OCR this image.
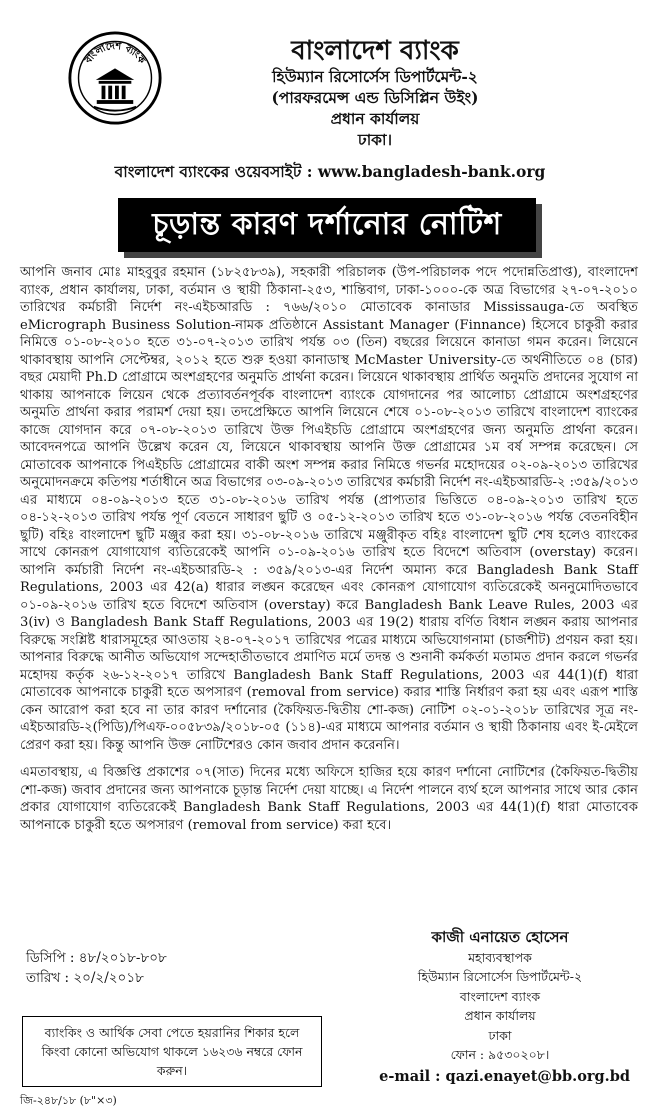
বাংলাদেশ ব্যাংক	বাংলাদেশ ব্যাংক
হিউম্যান রিসোর্সেস ডিপার্টমেন্ট-২
(পারফরমেন্স এন্ড ডিসিপ্লিন উইং)
প্রধান কার্যালয়
ঢাকা।
বাংলাদেশ ব্যাংকের ওয়েবসাইট : www.bangladesh-bank.org
চূড়ান্ত কারণ দর্শানোর নোটিশ

আপনি জনাব মোঃ মাহবুবুর রহমান (১৮২৫৮৩৯), সহকারী পরিচালক (উপ-পরিচালক পদে পদোন্নতিপ্রাপ্ত), বাংলাদেশ ব্যাংক, প্রধান কার্যালয়, ঢাকা, বর্তমান ও স্থায়ী ঠিকানা-২৫৩, শান্তিবাগ, ঢাকা-১০০০-কে অত্র বিভাগের ২৭-০৭-২০১০ তারিখের কর্মচারী নির্দেশ নং-এইচআরডি : ৭৬৬/২০১০ মোতাবেক কানাডার Mississauga-তে অবস্থিত eMicrograph Business Solution-নামক প্রতিষ্ঠানে Assistant Manager (Finnance) হিসেবে চাকুরী করার নিমিত্তে ০১-০৮-২০১০ হতে ৩১-০৭-২০১৩ তারিখ পর্যন্ত ০৩ (তিন) বছরের লিয়েনে কানাডা গমন করেন। লিয়েনে থাকাবস্থায় আপনি সেপ্টেম্বর, ২০১২ হতে শুরু হওয়া কানাডাস্থ McMaster University-তে অর্থনীতিতে ০৪ (চার) বছর মেয়াদী Ph.D প্রোগ্রামে অংশগ্রহণের অনুমতি প্রার্থনা করেন। লিয়েনে থাকাবস্থায় প্রার্থিত অনুমতি প্রদানের সুযোগ না থাকায় আপনাকে লিয়েন থেকে প্রত্যাবর্তনপূর্বক বাংলাদেশ ব্যাংকে যোগদানের পর আলোচ্য প্রোগ্রামে অংশগ্রহণের অনুমতি প্রার্থনা করার পরামর্শ দেয়া হয়। তদপ্রেক্ষিতে আপনি লিয়েনে শেষে ০১-০৮-২০১৩ তারিখে বাংলাদেশ ব্যাংকের কাজে যোগদান করে ০৭-০৮-২০১৩ তারিখে উক্ত পিএইচডি প্রোগ্রামে অংশগ্রহণের জন্য অনুমতি প্রার্থনা করেন। আবেদনপত্রে আপনি উল্লেখ করেন যে, লিয়েনে থাকাবস্থায় আপনি উক্ত প্রোগ্রামের ১ম বর্ষ সম্পন্ন করেছেন। সে মোতাবেক আপনাকে পিএইচডি প্রোগ্রামের বাকী অংশ সম্পন্ন করার নিমিত্তে গভর্নর মহোদয়ের ০২-০৯-২০১৩ তারিখের অনুমোদনক্রমে কতিপয় শর্তাধীনে অত্র বিভাগের ০৩-০৯-২০১৩ তারিখের কর্মচারী নির্দেশ নং-এইচআরডি-২ :৩৫৯/২০১৩ এর মাধ্যমে ০৪-০৯-২০১৩ হতে ৩১-০৮-২০১৬ তারিখ পর্যন্ত (প্রাপ্যতার ভিত্তিতে ০৪-০৯-২০১৩ তারিখ হতে ০৪-১২-২০১৩ তারিখ পর্যন্ত পূর্ণ বেতনে সাধারণ ছুটি ও ০৫-১২-২০১৩ তারিখ হতে ৩১-০৮-২০১৬ পর্যন্ত বেতনবিহীন ছুটি) বহিঃ বাংলাদেশ ছুটি মঞ্জুর করা হয়। ৩১-০৮-২০১৬ তারিখে মঞ্জুরীকৃত বহিঃ বাংলাদেশ ছুটি শেষ হলেও ব্যাংকের সাথে কোনরূপ যোগাযোগ ব্যতিরেকেই আপনি ০১-০৯-২০১৬ তারিখ হতে বিদেশে অতিবাস (overstay) করেন। আপনি কর্মচারী নির্দেশ নং-এইচআরডি-২ : ৩৫৯/২০১৩-এর নির্দেশ অমান্য করে Bangladesh Bank Staff Regulations, 2003 এর 42(a) ধারার লঙ্ঘন করেছেন এবং কোনরূপ যোগাযোগ ব্যতিরেকেই অননুমোদিতভাবে ০১-০৯-২০১৬ তারিখ হতে বিদেশে অতিবাস (overstay) করে Bangladesh Bank Leave Rules, 2003 এর 3(iv) ও Bangladesh Bank Staff Regulations, 2003 এর 19(2) ধারায় বর্ণিত বিধান লঙ্ঘন করায় আপনার বিরুদ্ধে সংশ্লিষ্ট ধারাসমূহের আওতায় ২৪-০৭-২০১৭ তারিখের পত্রের মাধ্যমে অভিযোগনামা (চার্জশীট) প্রণয়ন করা হয়। আপনার বিরুদ্ধে আনীত অভিযোগ সন্দেহাতীতভাবে প্রমাণিত মর্মে তদন্ত ও শুনানী কর্মকর্তা মতামত প্রদান করলে গভর্নর মহোদয় কর্তৃক ২৬-১২-২০১৭ তারিখে Bangladesh Bank Staff Regulations, 2003 এর 44(1)(f) ধারা মোতাবেক আপনাকে চাকুরী হতে অপসারণ (removal from service) করার শাস্তি নির্ধারণ করা হয় এবং এরূপ শাস্তি কেন আরোপ করা হবে না তার কারণ দর্শানোর (কৈফিয়ত-দ্বিতীয় শো-কজ) নোটিশ ০২-০১-২০১৮ তারিখের সূত্র নং-এইচআরডি-২(পিডি)/পিএফ-০০৫৮৩৯/২০১৮-০৫ (১১৪)-এর মাধ্যমে আপনার বর্তমান ও স্থায়ী ঠিকানায় এবং ই-মেইলে প্রেরণ করা হয়। কিন্তু আপনি উক্ত নোটিশেরও কোন জবাব প্রদান করেননি।

এমতাবস্থায়, এ বিজ্ঞপ্তি প্রকাশের ০৭(সাত) দিনের মধ্যে অফিসে হাজির হয়ে কারণ দর্শানো নোটিশের (কৈফিয়ত-দ্বিতীয় শো-কজ) জবাব প্রদানের জন্য আপনাকে চূড়ান্ত নির্দেশ দেয়া যাচ্ছে। এ নির্দেশ পালনে ব্যর্থ হলে আপনার সাথে আর কোন প্রকার যোগাযোগ ব্যতিরেকেই Bangladesh Bank Staff Regulations, 2003 এর 44(1)(f) ধারা মোতাবেক আপনাকে চাকুরী হতে অপসারণ (removal from service) করা হবে।

ডিসিপি : ৪৮/২০১৮-৮০৮
তারিখ : ২০/২/২০১৮
কাজী এনায়েত হোসেন
মহাব্যবস্থাপক
হিউম্যান রিসোর্সেস ডিপার্টমেন্ট-২
বাংলাদেশ ব্যাংক
প্রধান কার্যালয়
ঢাকা
ফোন : ৯৫৩০২০৮।
e-mail : qazi.enayet@bb.org.bd
ব্যাংকিং ও আর্থিক সেবা পেতে হয়রানির শিকার হলে কিংবা কোনো অভিযোগ থাকলে ১৬২৩৬ নম্বরে ফোন করুন।
জি-২৪৮/১৮ (৮"×৩)
